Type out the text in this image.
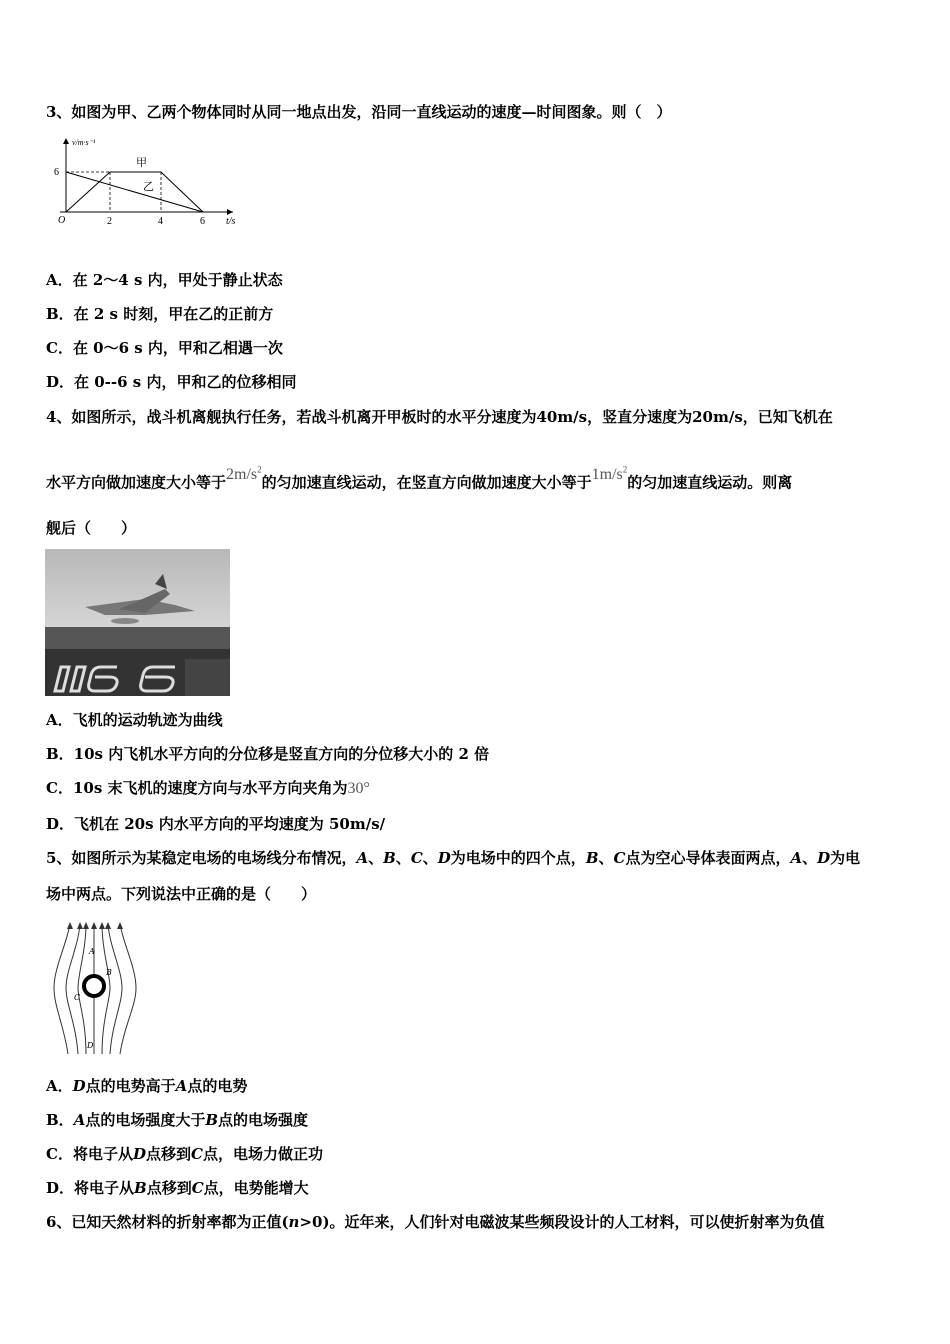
3、如图为甲、乙两个物体同时从同一地点出发，沿同一直线运动的速度—时间图象。则（　）
v/m·s⁻¹
O
6
2	4	6 t/s
甲
乙
A．在 2～4 s 内，甲处于静止状态
B．在 2 s 时刻，甲在乙的正前方
C．在 0～6 s 内，甲和乙相遇一次
D．在 0--6 s 内，甲和乙的位移相同
4、如图所示，战斗机离舰执行任务，若战斗机离开甲板时的水平分速度为40m/s，竖直分速度为20m/s，已知飞机在
水平方向做加速度大小等于$2m/s^2$的匀加速直线运动，在竖直方向做加速度大小等于$1m/s^2$的匀加速直线运动。则离
舰后（　　）
A．飞机的运动轨迹为曲线
B．10s 内飞机水平方向的分位移是竖直方向的分位移大小的 2 倍
C．10s 末飞机的速度方向与水平方向夹角为30°
D．飞机在 20s 内水平方向的平均速度为 50m/s/
5、如图所示为某稳定电场的电场线分布情况，A、B、C、D为电场中的四个点，B、C点为空心导体表面两点，A、D为电
场中两点。下列说法中正确的是（　　）
A
B
C
D
A．D点的电势高于A点的电势
B．A点的电场强度大于B点的电场强度
C．将电子从D点移到C点，电场力做正功
D．将电子从B点移到C点，电势能增大
6、已知天然材料的折射率都为正值(n>0)。近年来，人们针对电磁波某些频段设计的人工材料，可以使折射率为负值
